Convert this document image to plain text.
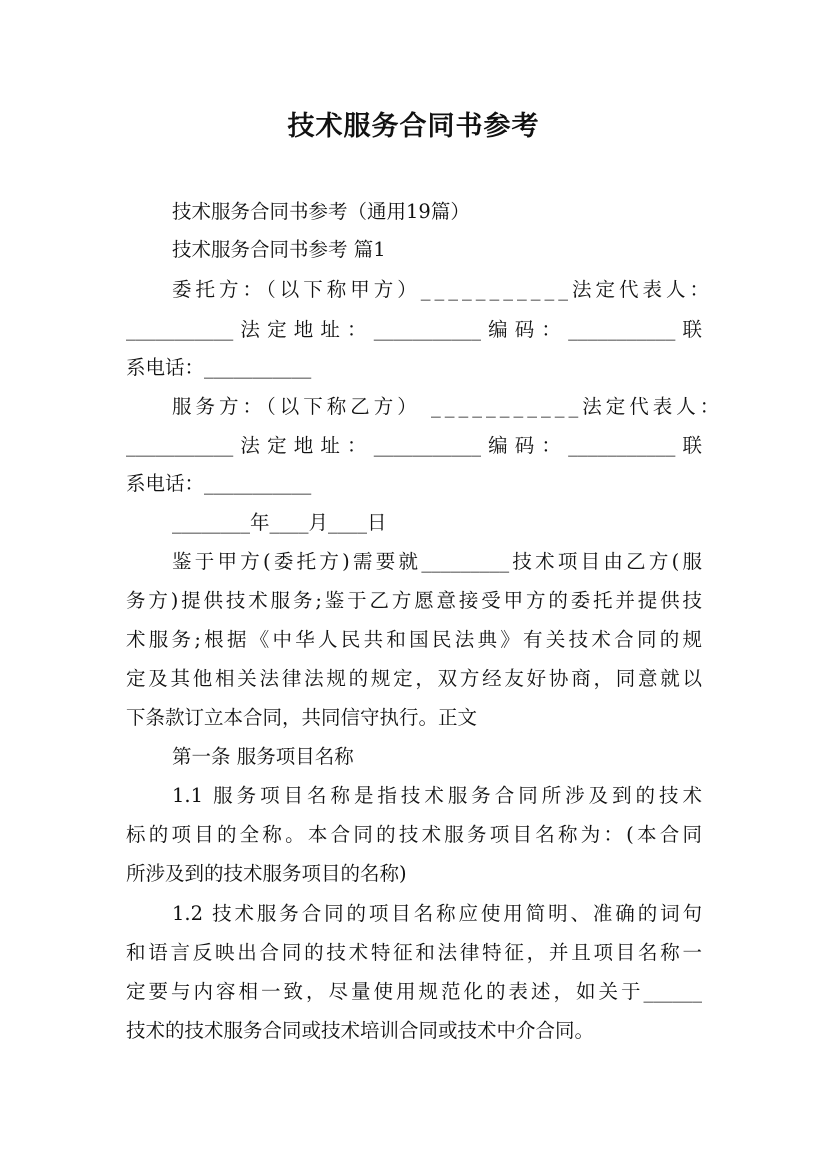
技术服务合同书参考

技术服务合同书参考（通用19篇）

技术服务合同书参考 篇1

委托方：（以下称甲方）___________法定代表人：

___________法定地址：___________编码：___________联

系电话：___________

服务方：（以下称乙方） ___________法定代表人：

___________法定地址：___________编码：___________联

系电话：___________

________年____月____日

鉴于甲方(委托方)需要就_________技术项目由乙方(服

务方)提供技术服务;鉴于乙方愿意接受甲方的委托并提供技

术服务;根据《中华人民共和国民法典》有关技术合同的规

定及其他相关法律法规的规定，双方经友好协商，同意就以

下条款订立本合同，共同信守执行。正文

第一条 服务项目名称

1.1 服务项目名称是指技术服务合同所涉及到的技术

标的项目的全称。本合同的技术服务项目名称为：(本合同

所涉及到的技术服务项目的名称)

1.2 技术服务合同的项目名称应使用简明、准确的词句

和语言反映出合同的技术特征和法律特征，并且项目名称一

定要与内容相一致，尽量使用规范化的表述，如关于______

技术的技术服务合同或技术培训合同或技术中介合同。
